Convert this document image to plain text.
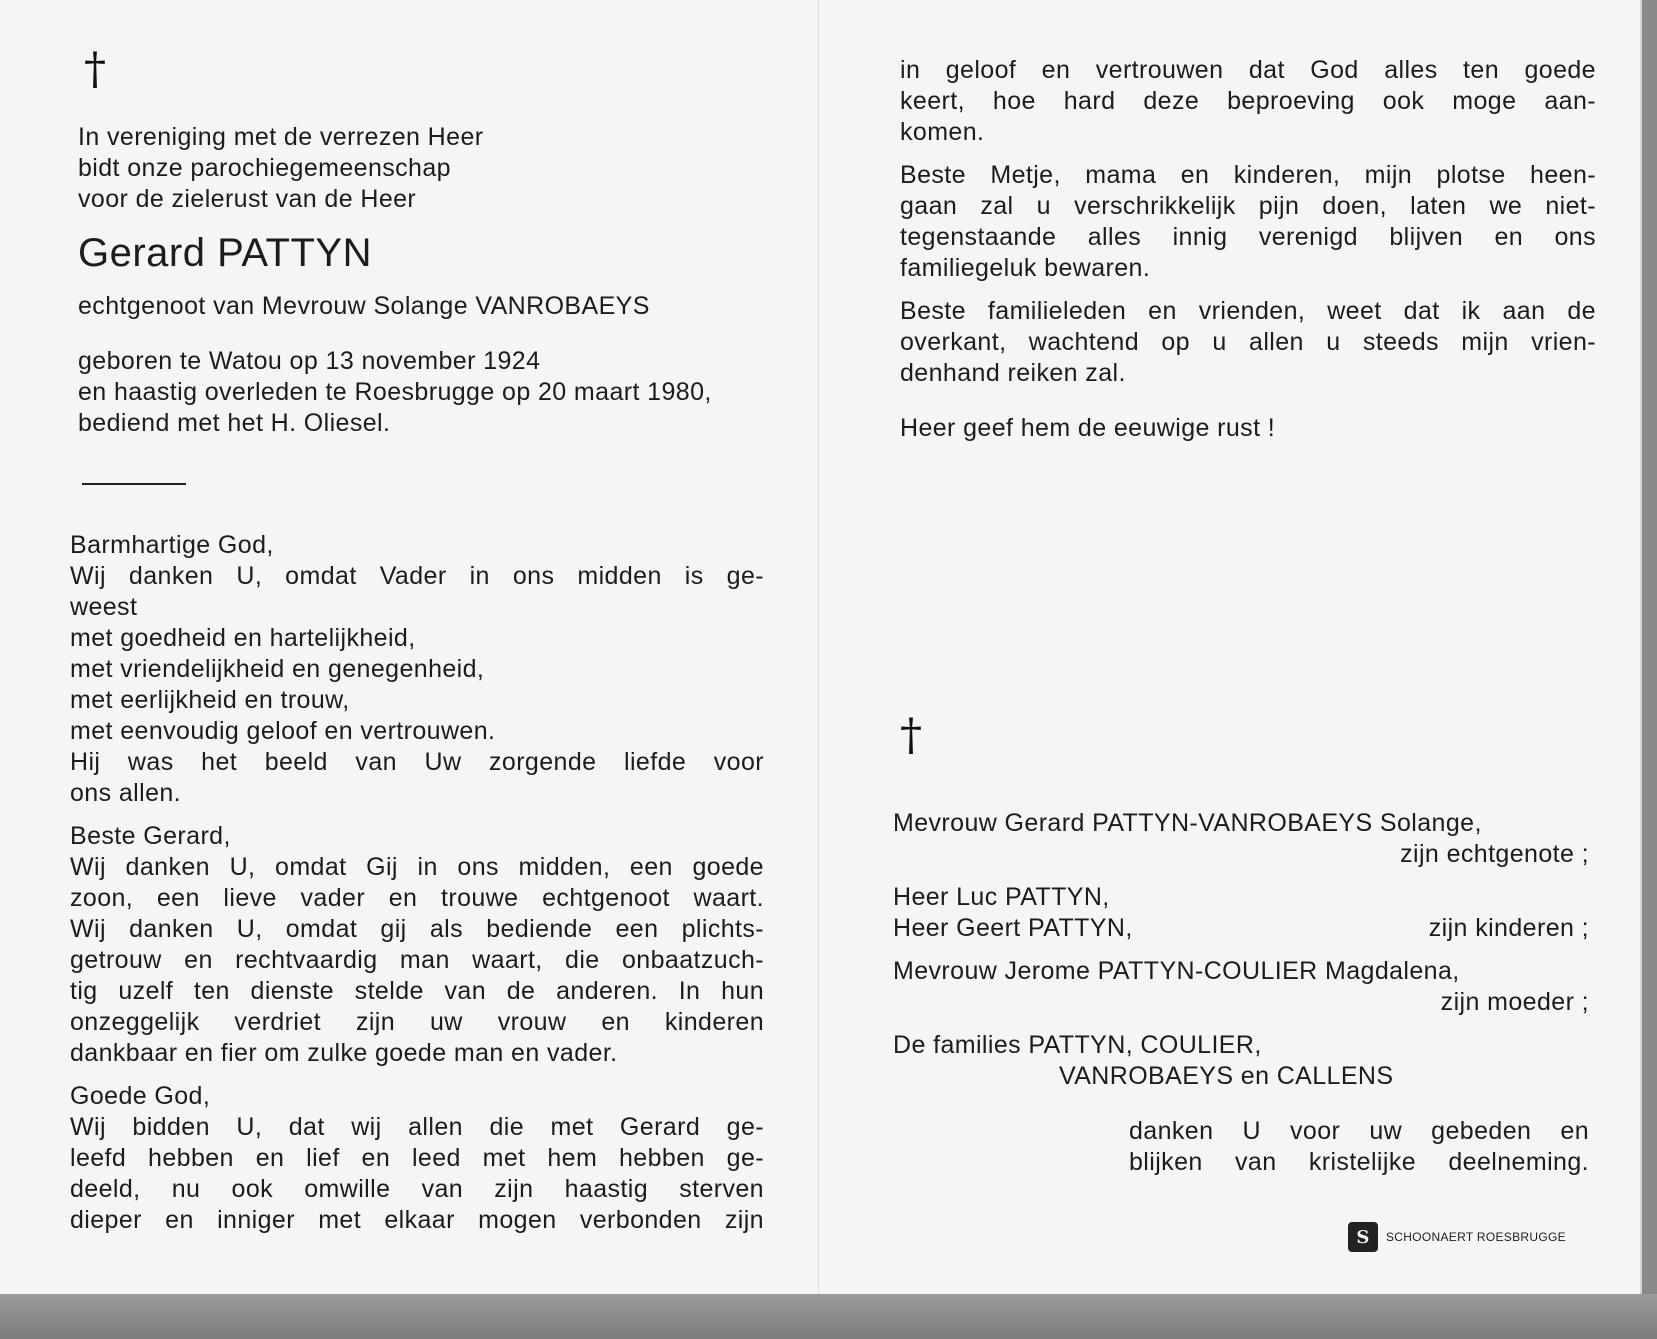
†

In vereniging met de verrezen Heer

bidt onze parochiegemeenschap

voor de zielerust van de Heer

Gerard PATTYN

echtgenoot van Mevrouw Solange VANROBAEYS

geboren te Watou op 13 november 1924

en haastig overleden te Roesbrugge op 20 maart 1980,

bediend met het H. Oliesel.

Barmhartige God,

Wij danken U, omdat Vader in ons midden is ge-

weest

met goedheid en hartelijkheid,

met vriendelijkheid en genegenheid,

met eerlijkheid en trouw,

met eenvoudig geloof en vertrouwen.

Hij was het beeld van Uw zorgende liefde voor

ons allen.

Beste Gerard,

Wij danken U, omdat Gij in ons midden, een goede

zoon, een lieve vader en trouwe echtgenoot waart.

Wij danken U, omdat gij als bediende een plichts-

getrouw en rechtvaardig man waart, die onbaatzuch-

tig uzelf ten dienste stelde van de anderen. In hun

onzeggelijk verdriet zijn uw vrouw en kinderen

dankbaar en fier om zulke goede man en vader.

Goede God,

Wij bidden U, dat wij allen die met Gerard ge-

leefd hebben en lief en leed met hem hebben ge-

deeld, nu ook omwille van zijn haastig sterven

dieper en inniger met elkaar mogen verbonden zijn

in geloof en vertrouwen dat God alles ten goede

keert, hoe hard deze beproeving ook moge aan-

komen.

Beste Metje, mama en kinderen, mijn plotse heen-

gaan zal u verschrikkelijk pijn doen, laten we niet-

tegenstaande alles innig verenigd blijven en ons

familiegeluk bewaren.

Beste familieleden en vrienden, weet dat ik aan de

overkant, wachtend op u allen u steeds mijn vrien-

denhand reiken zal.

Heer geef hem de eeuwige rust !

†

Mevrouw Gerard PATTYN-VANROBAEYS Solange,

zijn echtgenote ;

Heer Luc PATTYN,

Heer Geert PATTYN,	zijn kinderen ;

Mevrouw Jerome PATTYN-COULIER Magdalena,

zijn moeder ;

De families PATTYN, COULIER,

VANROBAEYS en CALLENS

danken U voor uw gebeden en

blijken van kristelijke deelneming.

S	SCHOONAERT ROESBRUGGE
